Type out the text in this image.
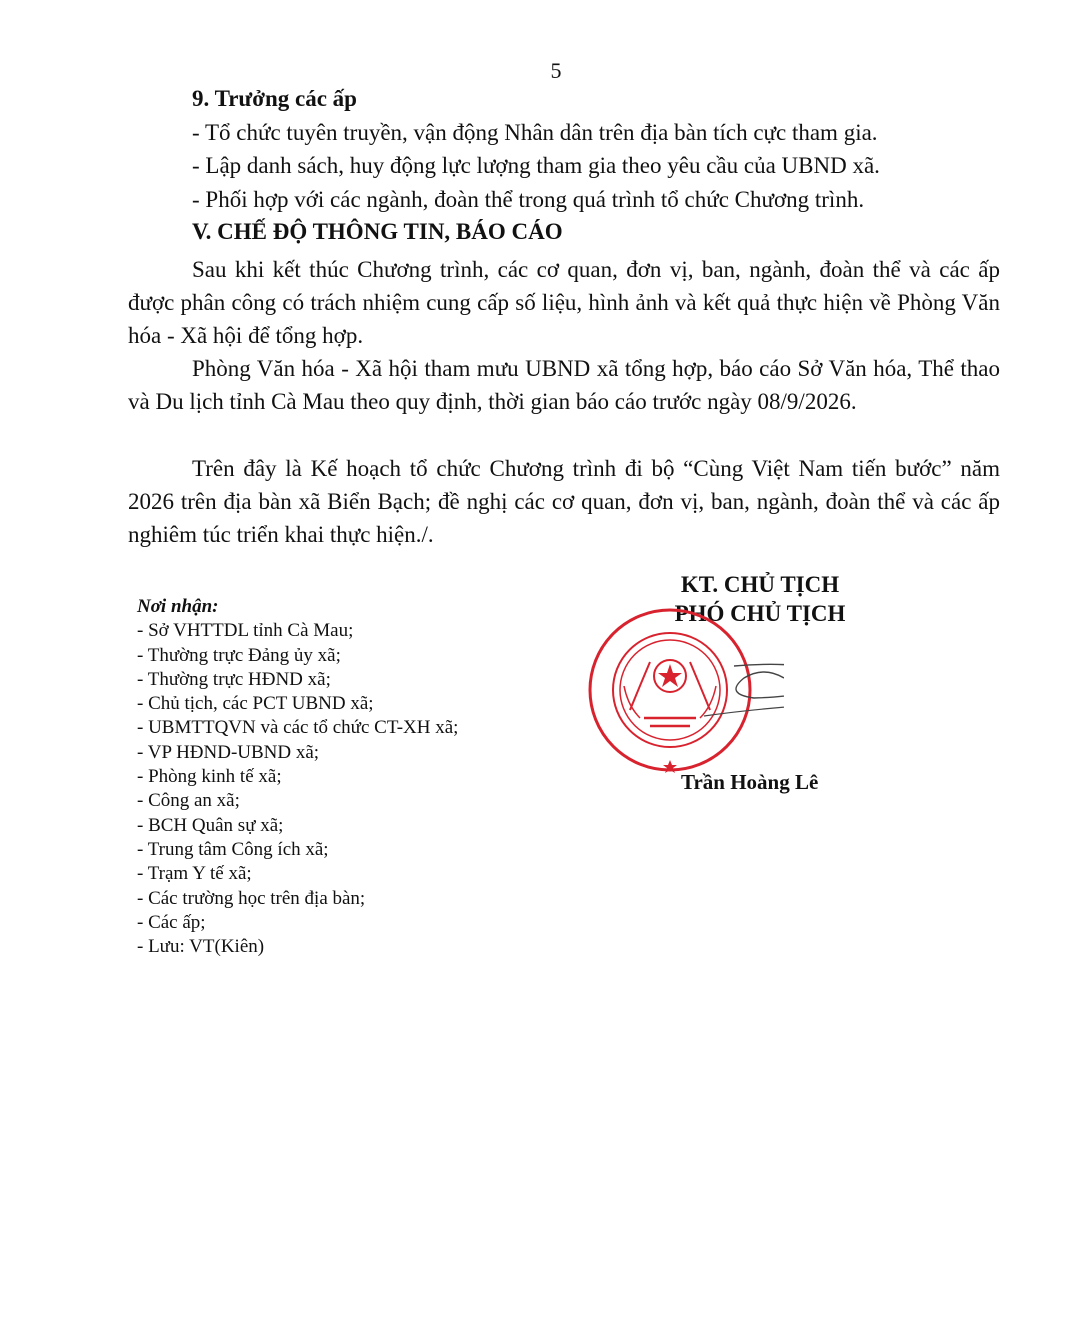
5
9. Trưởng các ấp
- Tổ chức tuyên truyền, vận động Nhân dân trên địa bàn tích cực tham gia.
- Lập danh sách, huy động lực lượng tham gia theo yêu cầu của UBND xã.
- Phối hợp với các ngành, đoàn thể trong quá trình tổ chức Chương trình.
V. CHẾ ĐỘ THÔNG TIN, BÁO CÁO
Sau khi kết thúc Chương trình, các cơ quan, đơn vị, ban, ngành, đoàn thể và các ấp được phân công có trách nhiệm cung cấp số liệu, hình ảnh và kết quả thực hiện về Phòng Văn hóa - Xã hội để tổng hợp.
Phòng Văn hóa - Xã hội tham mưu UBND xã tổng hợp, báo cáo Sở Văn hóa, Thể thao và Du lịch tỉnh Cà Mau theo quy định, thời gian báo cáo trước ngày 08/9/2026.
Trên đây là Kế hoạch tổ chức Chương trình đi bộ “Cùng Việt Nam tiến bước” năm 2026 trên địa bàn xã Biển Bạch; đề nghị các cơ quan, đơn vị, ban, ngành, đoàn thể và các ấp nghiêm túc triển khai thực hiện./.
Nơi nhận:
- Sở VHTTDL tỉnh Cà Mau;
- Thường trực Đảng ủy xã;
- Thường trực HĐND xã;
- Chủ tịch, các PCT UBND xã;
- UBMTTQVN và các tổ chức CT-XH xã;
- VP HĐND-UBND xã;
- Phòng kinh tế xã;
- Công an xã;
- BCH Quân sự xã;
- Trung tâm Công ích xã;
- Trạm Y tế xã;
- Các trường học trên địa bàn;
- Các ấp;
- Lưu: VT(Kiên)
KT. CHỦ TỊCH
PHÓ CHỦ TỊCH
Trần Hoàng Lê
